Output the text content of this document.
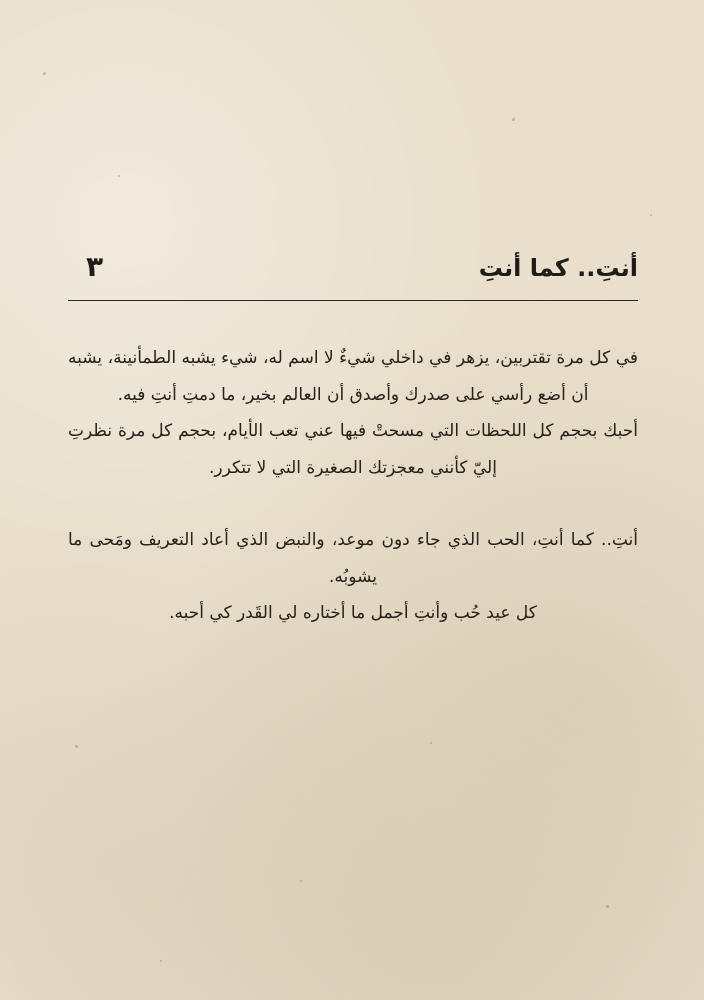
أنتِ.. كما أنتِ
٣

في كل مرة تقتربين، يزهر في داخلي شيءٌ لا اسم له، شيء يشبه الطمأنينة، يشبه أن أضع رأسي على صدرك وأصدق أن العالم بخير، ما دمتِ أنتِ فيه.

أحبك بحجم كل اللحظات التي مسحتْ فيها عني تعب الأيام، بحجم كل مرة نظرتِ إليّ كأنني معجزتك الصغيرة التي لا تتكرر.

أنتِ.. كما أنتِ، الحب الذي جاء دون موعد، والنبض الذي أعاد التعريف ومَحى ما يشوبُه.

كل عيد حُب وأنتِ أجمل ما أختاره لي القَدر كي أحبه.
